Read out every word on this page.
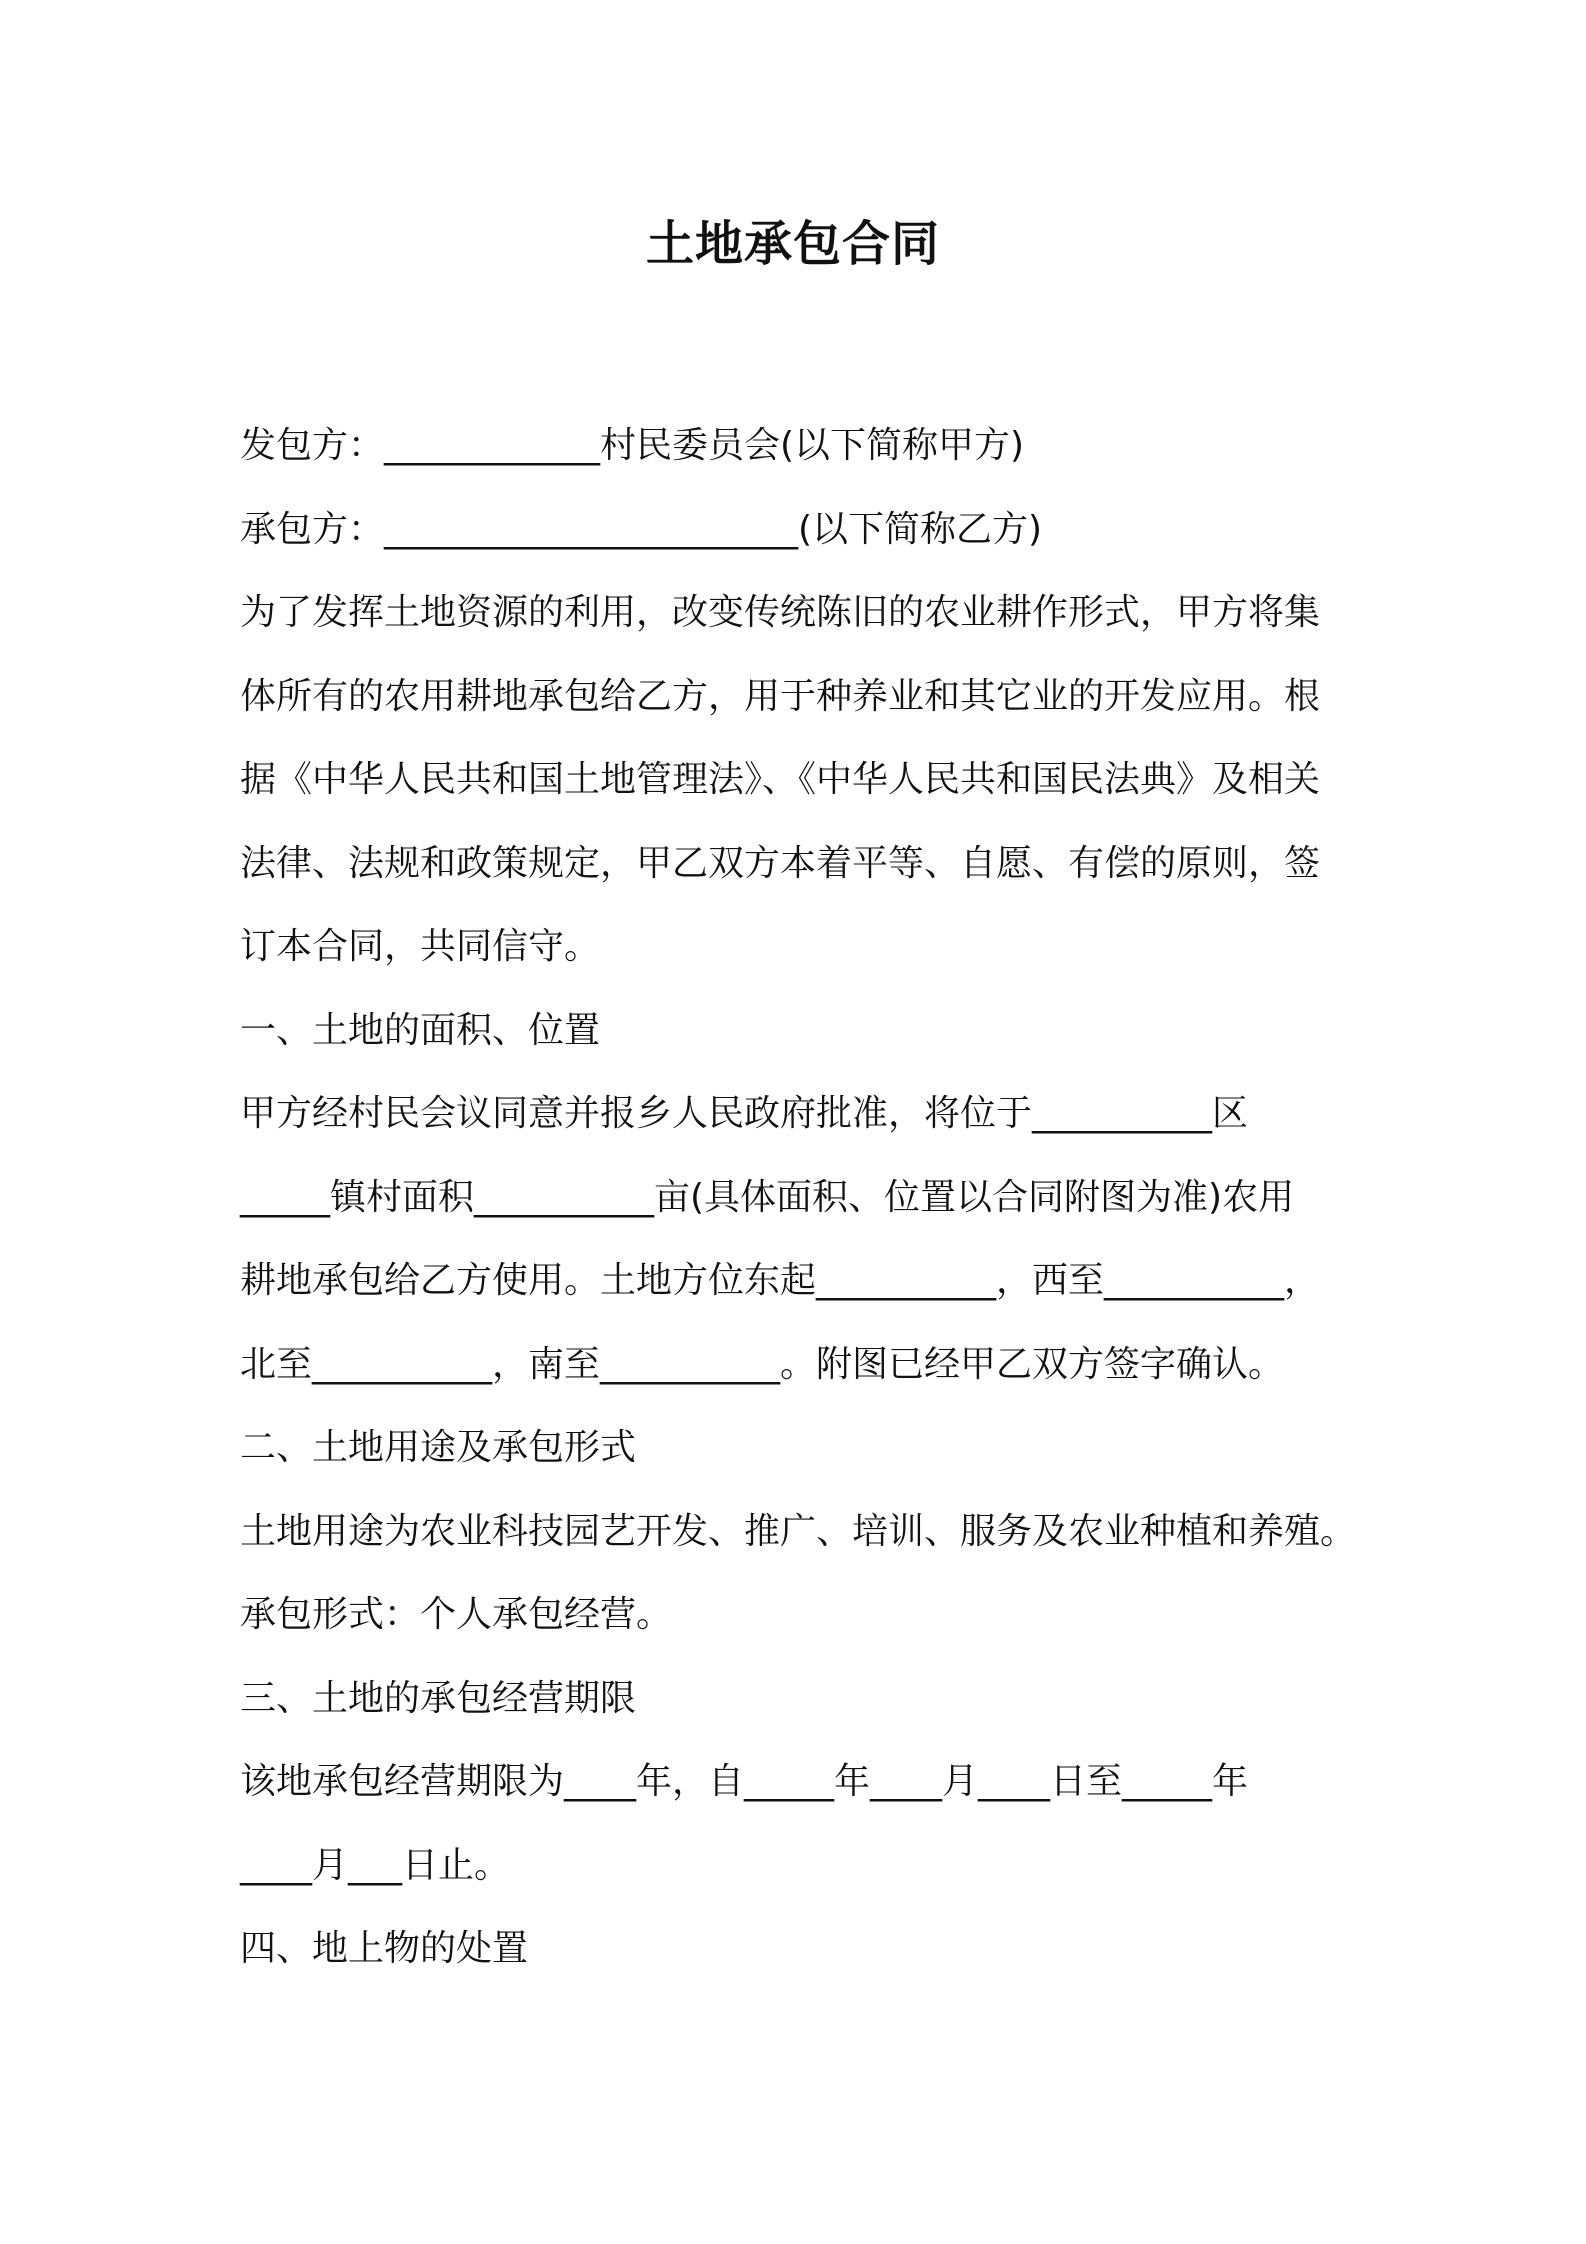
土地承包合同

发包方：____________村民委员会(以下简称甲方)

承包方：_______________________(以下简称乙方)

为了发挥土地资源的利用，改变传统陈旧的农业耕作形式，甲方将集

体所有的农用耕地承包给乙方，用于种养业和其它业的开发应用。根

据《中华人民共和国土地管理法》、《中华人民共和国民法典》及相关

法律、法规和政策规定，甲乙双方本着平等、自愿、有偿的原则，签

订本合同，共同信守。

一、土地的面积、位置

甲方经村民会议同意并报乡人民政府批准，将位于__________区

_____镇村面积__________亩(具体面积、位置以合同附图为准)农用

耕地承包给乙方使用。土地方位东起__________，西至__________，

北至__________，南至__________。附图已经甲乙双方签字确认。

二、土地用途及承包形式

土地用途为农业科技园艺开发、推广、培训、服务及农业种植和养殖。

承包形式：个人承包经营。

三、土地的承包经营期限

该地承包经营期限为____年，自_____年____月____日至_____年

____月___日止。

四、地上物的处置
